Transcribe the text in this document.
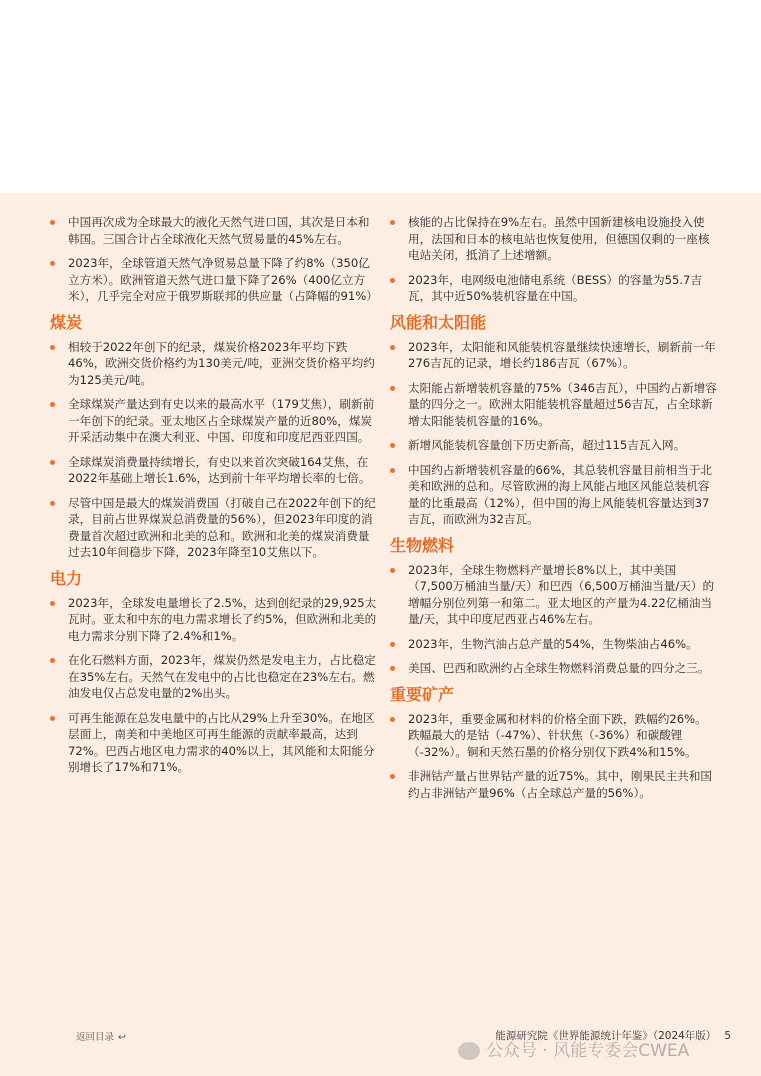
中国再次成为全球最大的液化天然气进口国，其次是日本和韩国。三国合计占全球液化天然气贸易量的45%左右。
2023年，全球管道天然气净贸易总量下降了约8%（350亿立方米）。欧洲管道天然气进口量下降了26%（400亿立方米），几乎完全对应于俄罗斯联邦的供应量（占降幅的91%）
煤炭
相较于2022年创下的纪录，煤炭价格2023年平均下跌46%，欧洲交货价格约为130美元/吨，亚洲交货价格平均约为125美元/吨。
全球煤炭产量达到有史以来的最高水平（179艾焦），刷新前一年创下的纪录。亚太地区占全球煤炭产量的近80%，煤炭开采活动集中在澳大利亚、中国、印度和印度尼西亚四国。
全球煤炭消费量持续增长，有史以来首次突破164艾焦，在2022年基础上增长1.6%，达到前十年平均增长率的七倍。
尽管中国是最大的煤炭消费国（打破自己在2022年创下的纪录，目前占世界煤炭总消费量的56%），但2023年印度的消费量首次超过欧洲和北美的总和。欧洲和北美的煤炭消费量过去10年间稳步下降，2023年降至10艾焦以下。
电力
2023年，全球发电量增长了2.5%，达到创纪录的29,925太瓦时。亚太和中东的电力需求增长了约5%，但欧洲和北美的电力需求分别下降了2.4%和1%。
在化石燃料方面，2023年，煤炭仍然是发电主力，占比稳定在35%左右。天然气在发电中的占比也稳定在23%左右。燃油发电仅占总发电量的2%出头。
可再生能源在总发电量中的占比从29%上升至30%。在地区层面上，南美和中美地区可再生能源的贡献率最高，达到72%。巴西占地区电力需求的40%以上，其风能和太阳能分别增长了17%和71%。
核能的占比保持在9%左右。虽然中国新建核电设施投入使用，法国和日本的核电站也恢复使用，但德国仅剩的一座核电站关闭，抵消了上述增额。
2023年，电网级电池储电系统（BESS）的容量为55.7吉瓦，其中近50%装机容量在中国。
风能和太阳能
2023年，太阳能和风能装机容量继续快速增长，刷新前一年276吉瓦的记录，增长约186吉瓦（67%）。
太阳能占新增装机容量的75%（346吉瓦），中国约占新增容量的四分之一。欧洲太阳能装机容量超过56吉瓦，占全球新增太阳能装机容量的16%。
新增风能装机容量创下历史新高，超过115吉瓦入网。
中国约占新增装机容量的66%，其总装机容量目前相当于北美和欧洲的总和。尽管欧洲的海上风能占地区风能总装机容量的比重最高（12%），但中国的海上风能装机容量达到37吉瓦，而欧洲为32吉瓦。
生物燃料
2023年，全球生物燃料产量增长8%以上，其中美国（7,500万桶油当量/天）和巴西（6,500万桶油当量/天）的增幅分别位列第一和第二。亚太地区的产量为4.22亿桶油当量/天，其中印度尼西亚占46%左右。
2023年，生物汽油占总产量的54%，生物柴油占46%。
美国、巴西和欧洲约占全球生物燃料消费总量的四分之三。
重要矿产
2023年，重要金属和材料的价格全面下跌，跌幅约26%。跌幅最大的是钴（-47%）、针状焦（-36%）和碳酸锂（-32%）。铜和天然石墨的价格分别仅下跌4%和15%。
非洲钴产量占世界钴产量的近75%。其中，刚果民主共和国约占非洲钴产量96%（占全球总产量的56%）。
返回目录 ↩	能源研究院《世界能源统计年鉴》（2024年版） 5
公众号 · 风能专委会CWEA
